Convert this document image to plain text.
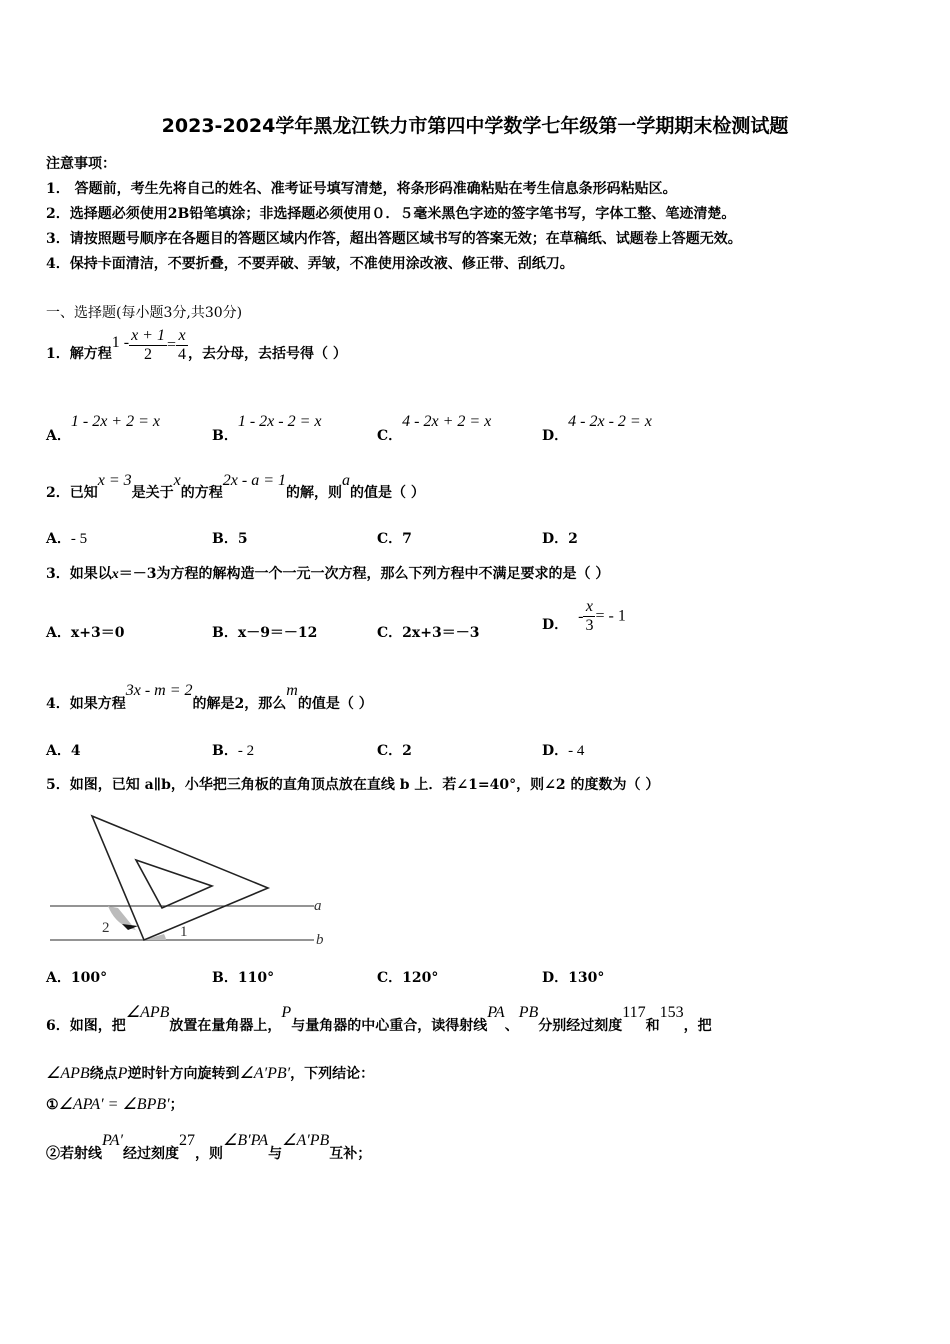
2023-2024学年黑龙江铁力市第四中学数学七年级第一学期期末检测试题
注意事项：
1． 答题前，考生先将自己的姓名、准考证号填写清楚，将条形码准确粘贴在考生信息条形码粘贴区。
2．选择题必须使用2B铅笔填涂；非选择题必须使用０．５毫米黑色字迹的签字笔书写，字体工整、笔迹清楚。
3．请按照题号顺序在各题目的答题区域内作答，超出答题区域书写的答案无效；在草稿纸、试题卷上答题无效。
4．保持卡面清洁，不要折叠，不要弄破、弄皱，不准使用涂改液、修正带、刮纸刀。
一、选择题(每小题3分,共30分)
1．解方程$1 - \frac{x + 1}{2} = \frac{x}{4}$ ，去分母，去括号得（ ）
A．1 - 2x + 2 = x
B．1 - 2x - 2 = x
C．4 - 2x + 2 = x
D．4 - 2x - 2 = x
2．已知x = 3是关于x的方程2x - a = 1的解，则a的值是（ ）
A．- 5	B．5	C．7	D．2
3．如果以x＝－3为方程的解构造一个一元一次方程，那么下列方程中不满足要求的是（ ）
A．x+3＝0	B．x－9＝－12	C．2x+3＝－3
D． - $\frac{x}{3}$ = - 1
4．如果方程3x - m = 2的解是2，那么m的值是（ ）
A．4	B．- 2	C．2	D．- 4
5．如图，已知 a∥b，小华把三角板的直角顶点放在直线 b 上．若∠1=40°，则∠2 的度数为（ ）
a
b
1
2
A．100°	B．110°	C．120°	D．130°
6．如图，把∠APB放置在量角器上，P与量角器的中心重合，读得射线PA、PB分别经过刻度117和153，把
∠APB绕点P逆时针方向旋转到∠A′PB′，下列结论：
①∠APA′ = ∠BPB′；
②若射线PA′经过刻度27，则∠B′PA与∠A′PB互补；
